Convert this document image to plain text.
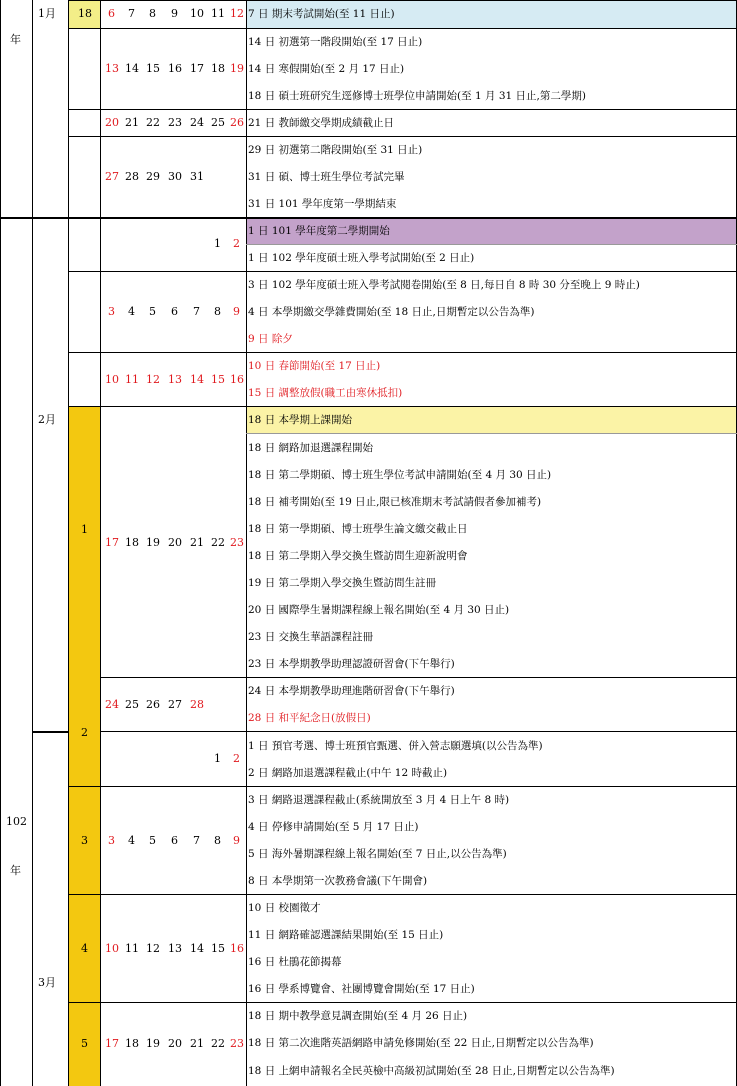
年
102
年
1月
2月
3月
18
1
2
3
4
5
6 7 8 9 10 11 12
13 14 15 16 17 18 19
20 21 22 23 24 25 26
27 28 29 30 31
1 2
3 4 5 6 7 8 9
10 11 12 13 14 15 16
17 18 19 20 21 22 23
24 25 26 27 28
1 2
3 4 5 6 7 8 9
10 11 12 13 14 15 16
17 18 19 20 21 22 23
7 日 期末考試開始(至 11 日止)
14 日 初選第一階段開始(至 17 日止)
14 日 寒假開始(至 2 月 17 日止)
18 日 碩士班研究生逕修博士班學位申請開始(至 1 月 31 日止,第二學期)
21 日 教師繳交學期成績截止日
29 日 初選第二階段開始(至 31 日止)
31 日 碩、博士班生學位考試完畢
31 日 101 學年度第一學期結束
1 日 101 學年度第二學期開始
1 日 102 學年度碩士班入學考試開始(至 2 日止)
3 日 102 學年度碩士班入學考試閱卷開始(至 8 日,每日自 8 時 30 分至晚上 9 時止)
4 日 本學期繳交學雜費開始(至 18 日止,日期暫定以公告為準)
9 日 除夕
10 日 春節開始(至 17 日止)
15 日 調整放假(職工由寒休抵扣)
18 日 本學期上課開始
18 日 網路加退選課程開始
18 日 第二學期碩、博士班生學位考試申請開始(至 4 月 30 日止)
18 日 補考開始(至 19 日止,限已核准期末考試請假者參加補考)
18 日 第一學期碩、博士班學生論文繳交截止日
18 日 第二學期入學交換生暨訪問生迎新說明會
19 日 第二學期入學交換生暨訪問生註冊
20 日 國際學生暑期課程線上報名開始(至 4 月 30 日止)
23 日 交換生華語課程註冊
23 日 本學期教學助理認證研習會(下午舉行)
24 日 本學期教學助理進階研習會(下午舉行)
28 日 和平紀念日(放假日)
1 日 預官考選、博士班預官甄選、併入營志願選填(以公告為準)
2 日 網路加退選課程截止(中午 12 時截止)
3 日 網路退選課程截止(系統開放至 3 月 4 日上午 8 時)
4 日 停修申請開始(至 5 月 17 日止)
5 日 海外暑期課程線上報名開始(至 7 日止,以公告為準)
8 日 本學期第一次教務會議(下午開會)
10 日 校園徵才
11 日 網路確認選課結果開始(至 15 日止)
16 日 杜鵑花節揭幕
16 日 學系博覽會、社團博覽會開始(至 17 日止)
18 日 期中教學意見調查開始(至 4 月 26 日止)
18 日 第二次進階英語網路申請免修開始(至 22 日止,日期暫定以公告為準)
18 日 上網申請報名全民英檢中高級初試開始(至 28 日止,日期暫定以公告為準)
